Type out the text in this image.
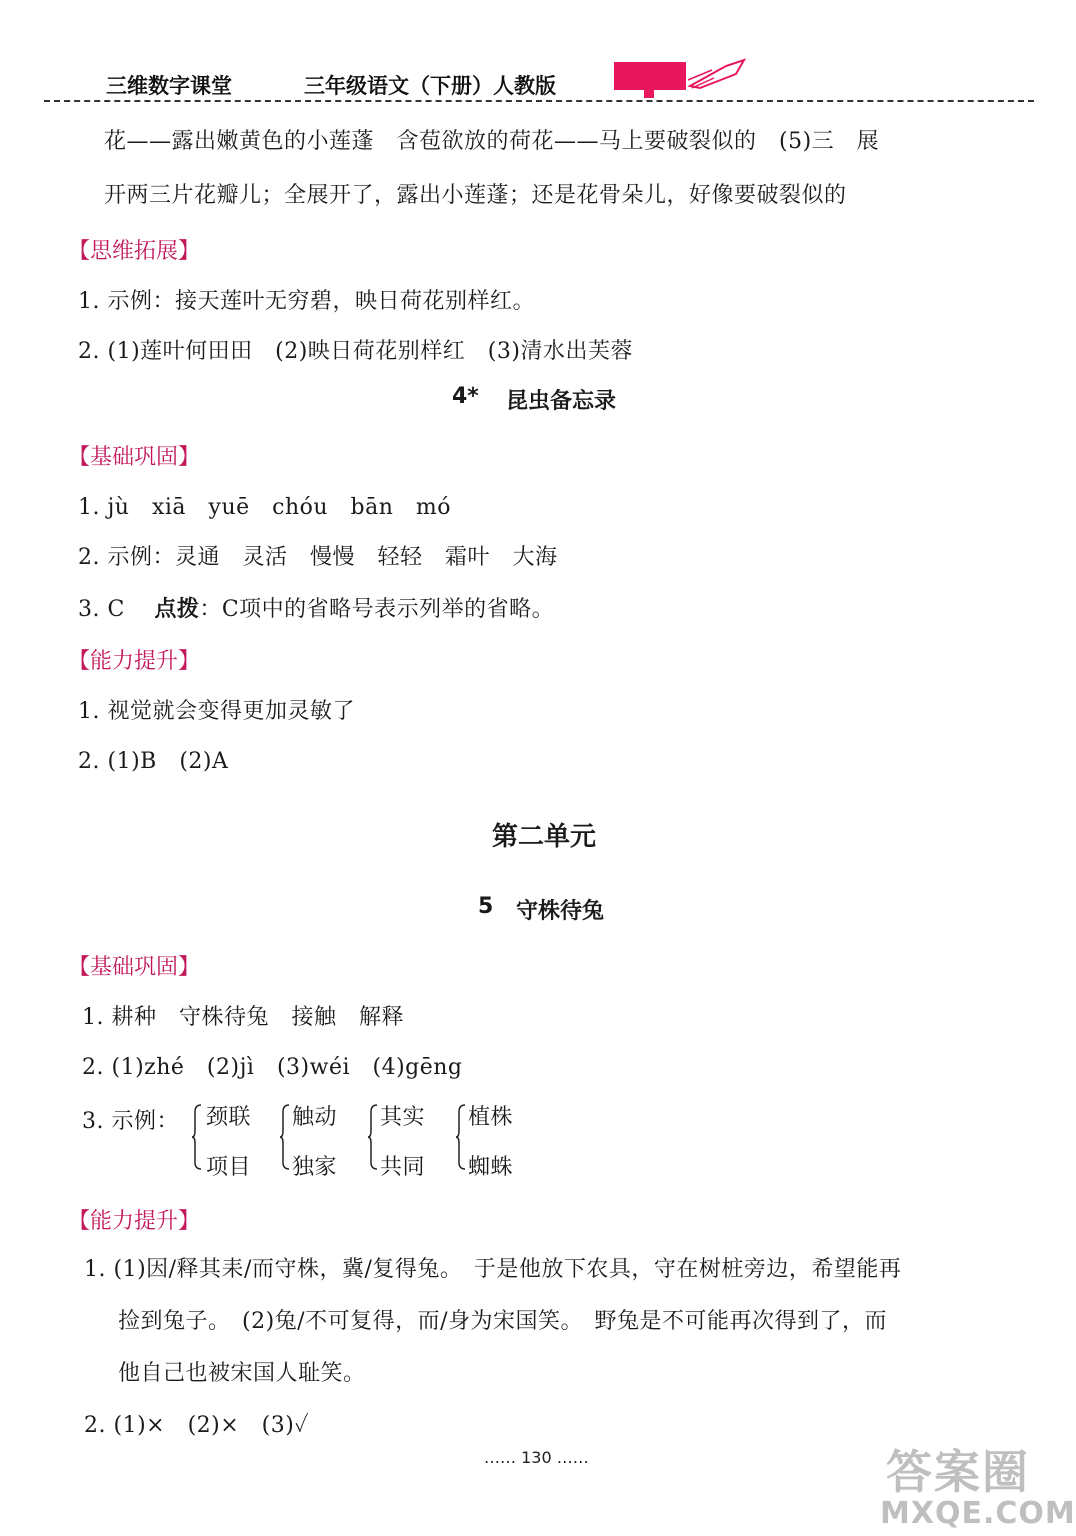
三维数字课堂	三年级语文（下册）人教版
花——露出嫩黄色的小莲蓬　含苞欲放的荷花——马上要破裂似的　(5)三　展
开两三片花瓣儿；全展开了，露出小莲蓬；还是花骨朵儿，好像要破裂似的
【思维拓展】
1. 示例：接天莲叶无穷碧，映日荷花别样红。
2. (1)莲叶何田田　(2)映日荷花别样红　(3)清水出芙蓉
4* 昆虫备忘录
【基础巩固】
1. jù　xiā　yuē　chóu　bān　mó
2. 示例：灵通　灵活　慢慢　轻轻　霜叶　大海
3. C 点拨：C项中的省略号表示列举的省略。
【能力提升】
1. 视觉就会变得更加灵敏了
2. (1)B　(2)A
第二单元
5 守株待兔
【基础巩固】
1. 耕种　守株待兔　接触　解释
2. (1)zhé　(2)jì　(3)wéi　(4)gēng
3. 示例： 颈联
项目
触动
独家
其实
共同
植株
蜘蛛
【能力提升】
1. (1)因/释其耒/而守株，冀/复得兔。　于是他放下农具，守在树桩旁边，希望能再
捡到兔子。　(2)兔/不可复得，而/身为宋国笑。　野兔是不可能再次得到了，而
他自己也被宋国人耻笑。
2. (1)×　(2)×　(3)✓
…… 130 ……	答案圈
MXQE.COM
